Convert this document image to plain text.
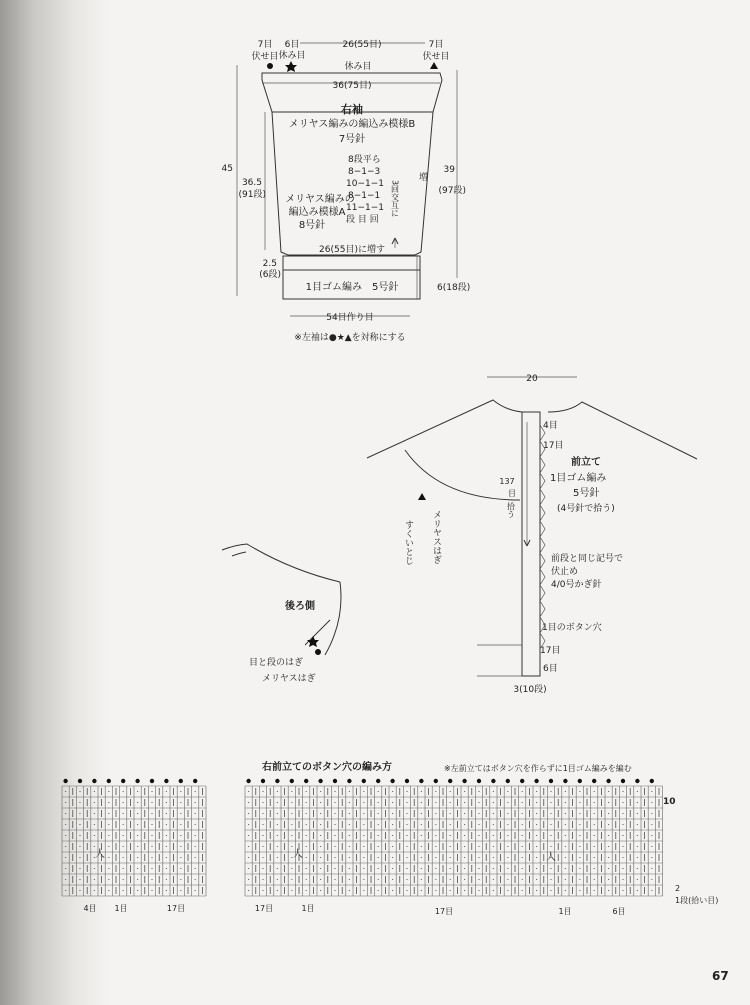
7目
伏せ目
6目
休み目
26(55目)	7目
伏せ目
休み目
36(75目)
右袖
メリヤス編みの編込み模様B
7号針
8段平ら
8−1−3
10−1−1
8−1−1
11−1−1
段 目 回
3回交互に
増
メリヤス編みの
編込み模様A
8号針
45
36.5
(91段)
39
(97段)
26(55目)に増す
2.5
(6段)
6(18段)
1目ゴム編み　5号針
54目作り目
※左袖は●★▲を対称にする
20
前立て
1目ゴム編み
5号針
(4号針で拾う)
137
目
拾う
4目
17目
前段と同じ記号で
伏止め
4/0号かぎ針
1目のボタン穴
17目
6目
3(10段)
メリヤスはぎ
すくいとじ
後ろ側
目と段のはぎ
メリヤスはぎ
右前立てのボタン穴の編み方	※左前立てはボタン穴を作らずに1目ゴム編みを編む
人	人	人
10
2
1段(拾い目)
4目 1目	17目	17目	1目	17目	1目	6目
67
